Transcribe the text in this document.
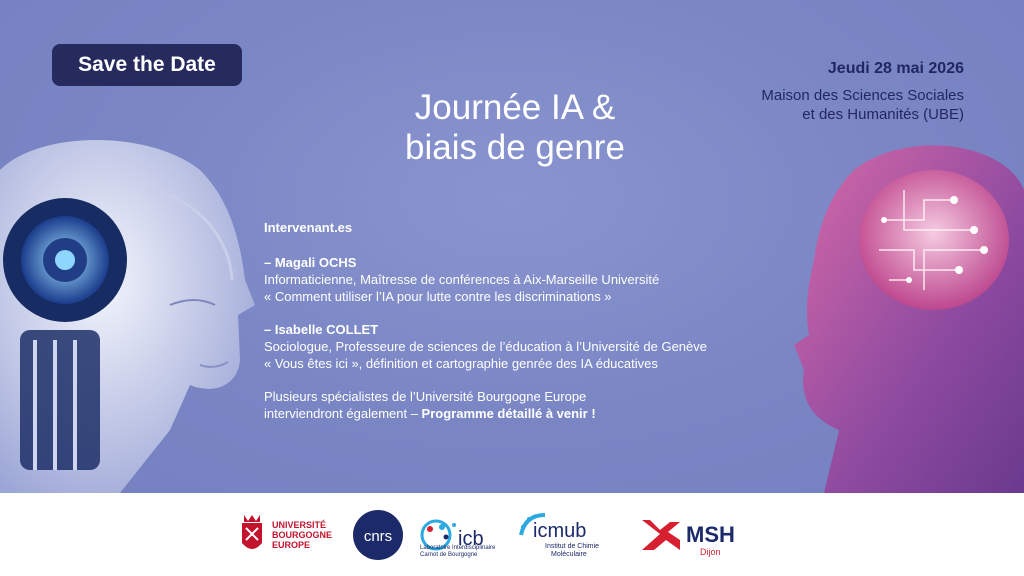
Save the Date	Jeudi 28 mai 2026
Maison des Sciences Sociales
et des Humanités (UBE)
Journée IA &
biais de genre
Intervenant.es
– Magali OCHS
Informaticienne, Maîtresse de conférences à Aix-Marseille Université
« Comment utiliser l’IA pour lutte contre les discriminations »
– Isabelle COLLET
Sociologue, Professeure de sciences de l’éducation à l’Université de Genève
« Vous êtes ici », définition et cartographie genrée des IA éducatives
Plusieurs spécialistes de l’Université Bourgogne Europe
interviendront également – Programme détaillé à venir !
UNIVERSITÉ
BOURGOGNE
EUROPE	cnrs	icb
Laboratoire Interdisciplinaire
Carnot de Bourgogne
icmub
Institut de Chimie
Moléculaire
MSH
Dijon
